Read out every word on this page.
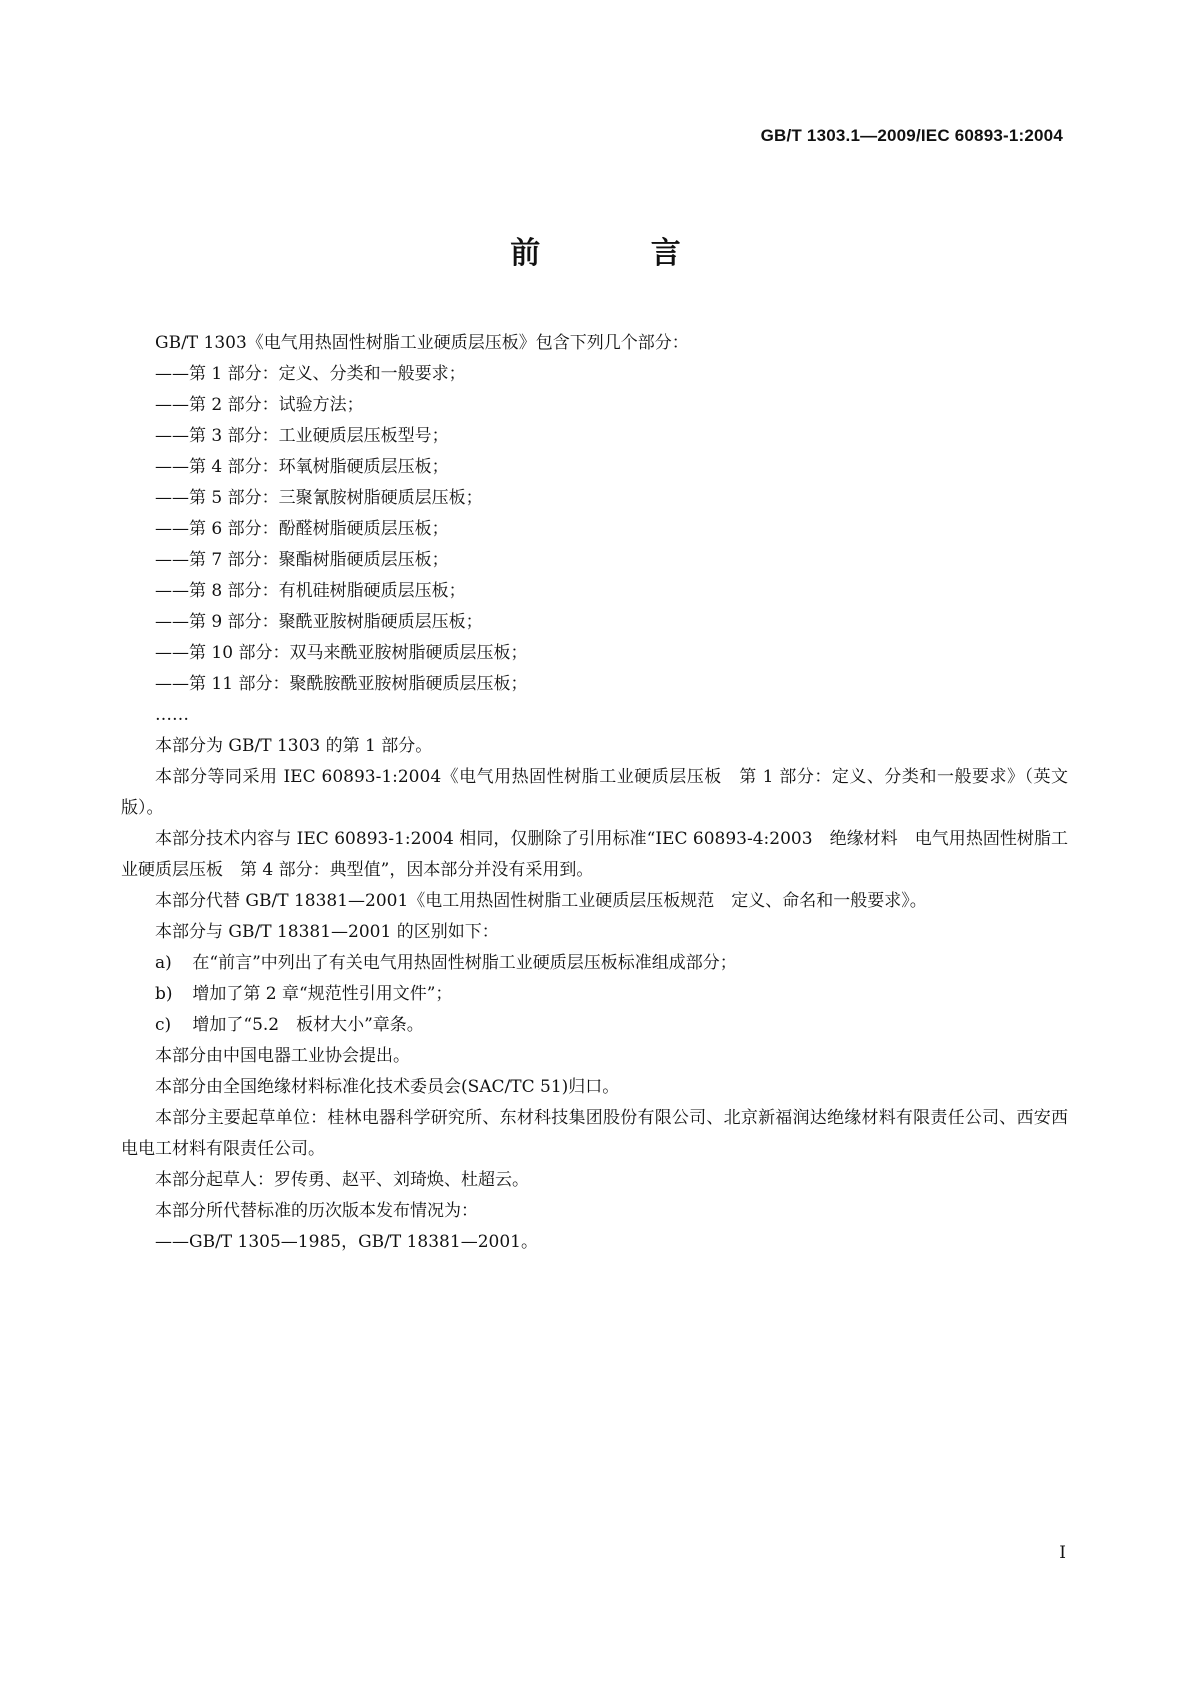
GB/T 1303.1—2009/IEC 60893-1:2004
前 言

GB/T 1303《电气用热固性树脂工业硬质层压板》包含下列几个部分：

——第 1 部分：定义、分类和一般要求；

——第 2 部分：试验方法；

——第 3 部分：工业硬质层压板型号；

——第 4 部分：环氧树脂硬质层压板；

——第 5 部分：三聚氰胺树脂硬质层压板；

——第 6 部分：酚醛树脂硬质层压板；

——第 7 部分：聚酯树脂硬质层压板；

——第 8 部分：有机硅树脂硬质层压板；

——第 9 部分：聚酰亚胺树脂硬质层压板；

——第 10 部分：双马来酰亚胺树脂硬质层压板；

——第 11 部分：聚酰胺酰亚胺树脂硬质层压板；

……

本部分为 GB/T 1303 的第 1 部分。

本部分等同采用 IEC 60893-1:2004《电气用热固性树脂工业硬质层压板　第 1 部分：定义、分类和一般要求》（英文版）。

本部分技术内容与 IEC 60893-1:2004 相同，仅删除了引用标准“IEC 60893-4:2003　绝缘材料　电气用热固性树脂工业硬质层压板　第 4 部分：典型值”，因本部分并没有采用到。

本部分代替 GB/T 18381—2001《电工用热固性树脂工业硬质层压板规范　定义、命名和一般要求》。

本部分与 GB/T 18381—2001 的区别如下：

a) 在“前言”中列出了有关电气用热固性树脂工业硬质层压板标准组成部分；

b) 增加了第 2 章“规范性引用文件”；

c) 增加了“5.2　板材大小”章条。

本部分由中国电器工业协会提出。

本部分由全国绝缘材料标准化技术委员会(SAC/TC 51)归口。

本部分主要起草单位：桂林电器科学研究所、东材科技集团股份有限公司、北京新福润达绝缘材料有限责任公司、西安西电电工材料有限责任公司。

本部分起草人：罗传勇、赵平、刘琦焕、杜超云。

本部分所代替标准的历次版本发布情况为：

——GB/T 1305—1985，GB/T 18381—2001。

I
